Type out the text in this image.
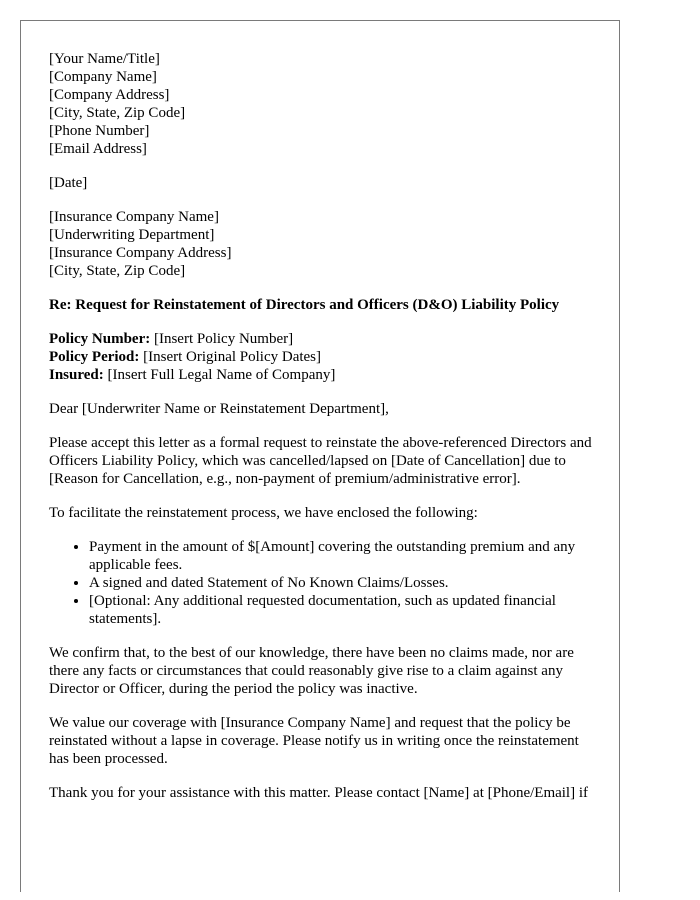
[Your Name/Title]
[Company Name]
[Company Address]
[City, State, Zip Code]
[Phone Number]
[Email Address]
[Date]
[Insurance Company Name]
[Underwriting Department]
[Insurance Company Address]
[City, State, Zip Code]
Re: Request for Reinstatement of Directors and Officers (D&O) Liability Policy
Policy Number: [Insert Policy Number]
Policy Period: [Insert Original Policy Dates]
Insured: [Insert Full Legal Name of Company]

Dear [Underwriter Name or Reinstatement Department],

Please accept this letter as a formal request to reinstate the above-referenced Directors and
Officers Liability Policy, which was cancelled/lapsed on [Date of Cancellation] due to
[Reason for Cancellation, e.g., non-payment of premium/administrative error].

To facilitate the reinstatement process, we have enclosed the following:

• Payment in the amount of $[Amount] covering the outstanding premium and any
applicable fees.
• A signed and dated Statement of No Known Claims/Losses.
• [Optional: Any additional requested documentation, such as updated financial
statements].

We confirm that, to the best of our knowledge, there have been no claims made, nor are
there any facts or circumstances that could reasonably give rise to a claim against any
Director or Officer, during the period the policy was inactive.

We value our coverage with [Insurance Company Name] and request that the policy be
reinstated without a lapse in coverage. Please notify us in writing once the reinstatement
has been processed.

Thank you for your assistance with this matter. Please contact [Name] at [Phone/Email] if
